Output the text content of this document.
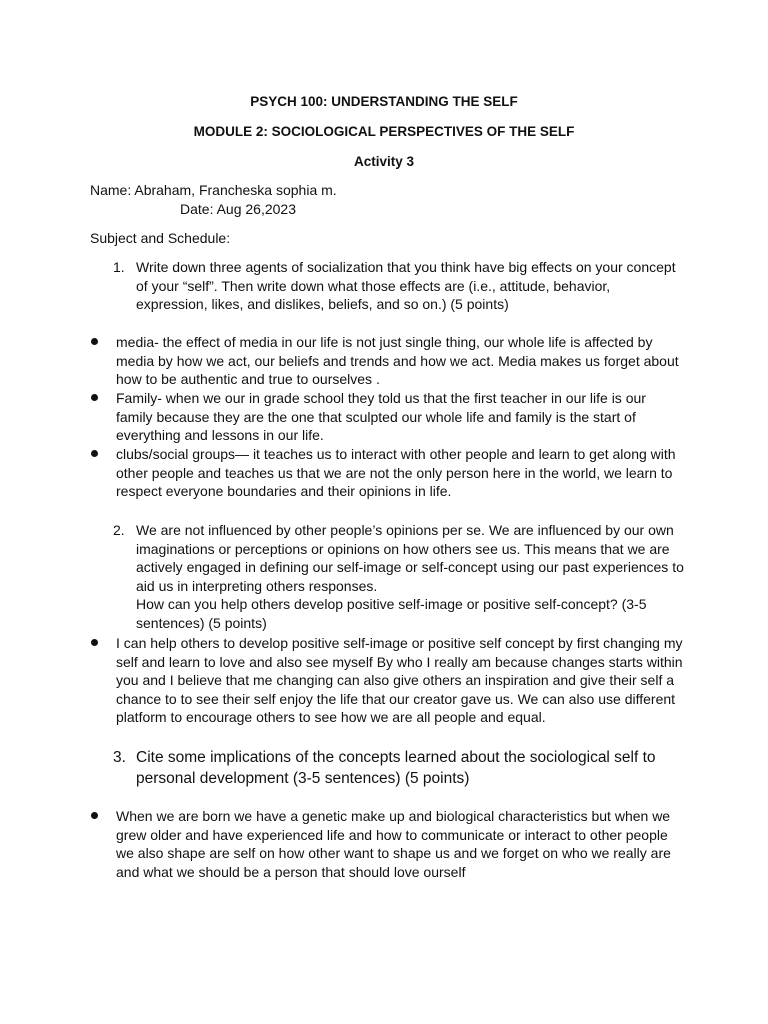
PSYCH 100: UNDERSTANDING THE SELF
MODULE 2: SOCIOLOGICAL PERSPECTIVES OF THE SELF
Activity 3
Name: Abraham, Francheska sophia m.
Date: Aug 26,2023
Subject and Schedule:
1. Write down three agents of socialization that you think have big effects on your concept

of your “self”. Then write down what those effects are (i.e., attitude, behavior,

expression, likes, and dislikes, beliefs, and so on.) (5 points)

media- the effect of media in our life is not just single thing, our whole life is affected by

media by how we act, our beliefs and trends and how we act. Media makes us forget about

how to be authentic and true to ourselves .

Family- when we our in grade school they told us that the first teacher in our life is our

family because they are the one that sculpted our whole life and family is the start of

everything and lessons in our life.

clubs/social groups— it teaches us to interact with other people and learn to get along with

other people and teaches us that we are not the only person here in the world, we learn to

respect everyone boundaries and their opinions in life.

2. We are not influenced by other people’s opinions per se. We are influenced by our own

imaginations or perceptions or opinions on how others see us. This means that we are

actively engaged in defining our self-image or self-concept using our past experiences to

aid us in interpreting others responses.

How can you help others develop positive self-image or positive self-concept? (3-5

sentences) (5 points)

I can help others to develop positive self-image or positive self concept by first changing my

self and learn to love and also see myself By who I really am because changes starts within

you and I believe that me changing can also give others an inspiration and give their self a

chance to to see their self enjoy the life that our creator gave us. We can also use different

platform to encourage others to see how we are all people and equal.

3. Cite some implications of the concepts learned about the sociological self to

personal development (3-5 sentences) (5 points)

When we are born we have a genetic make up and biological characteristics but when we

grew older and have experienced life and how to communicate or interact to other people

we also shape are self on how other want to shape us and we forget on who we really are

and what we should be a person that should love ourself
